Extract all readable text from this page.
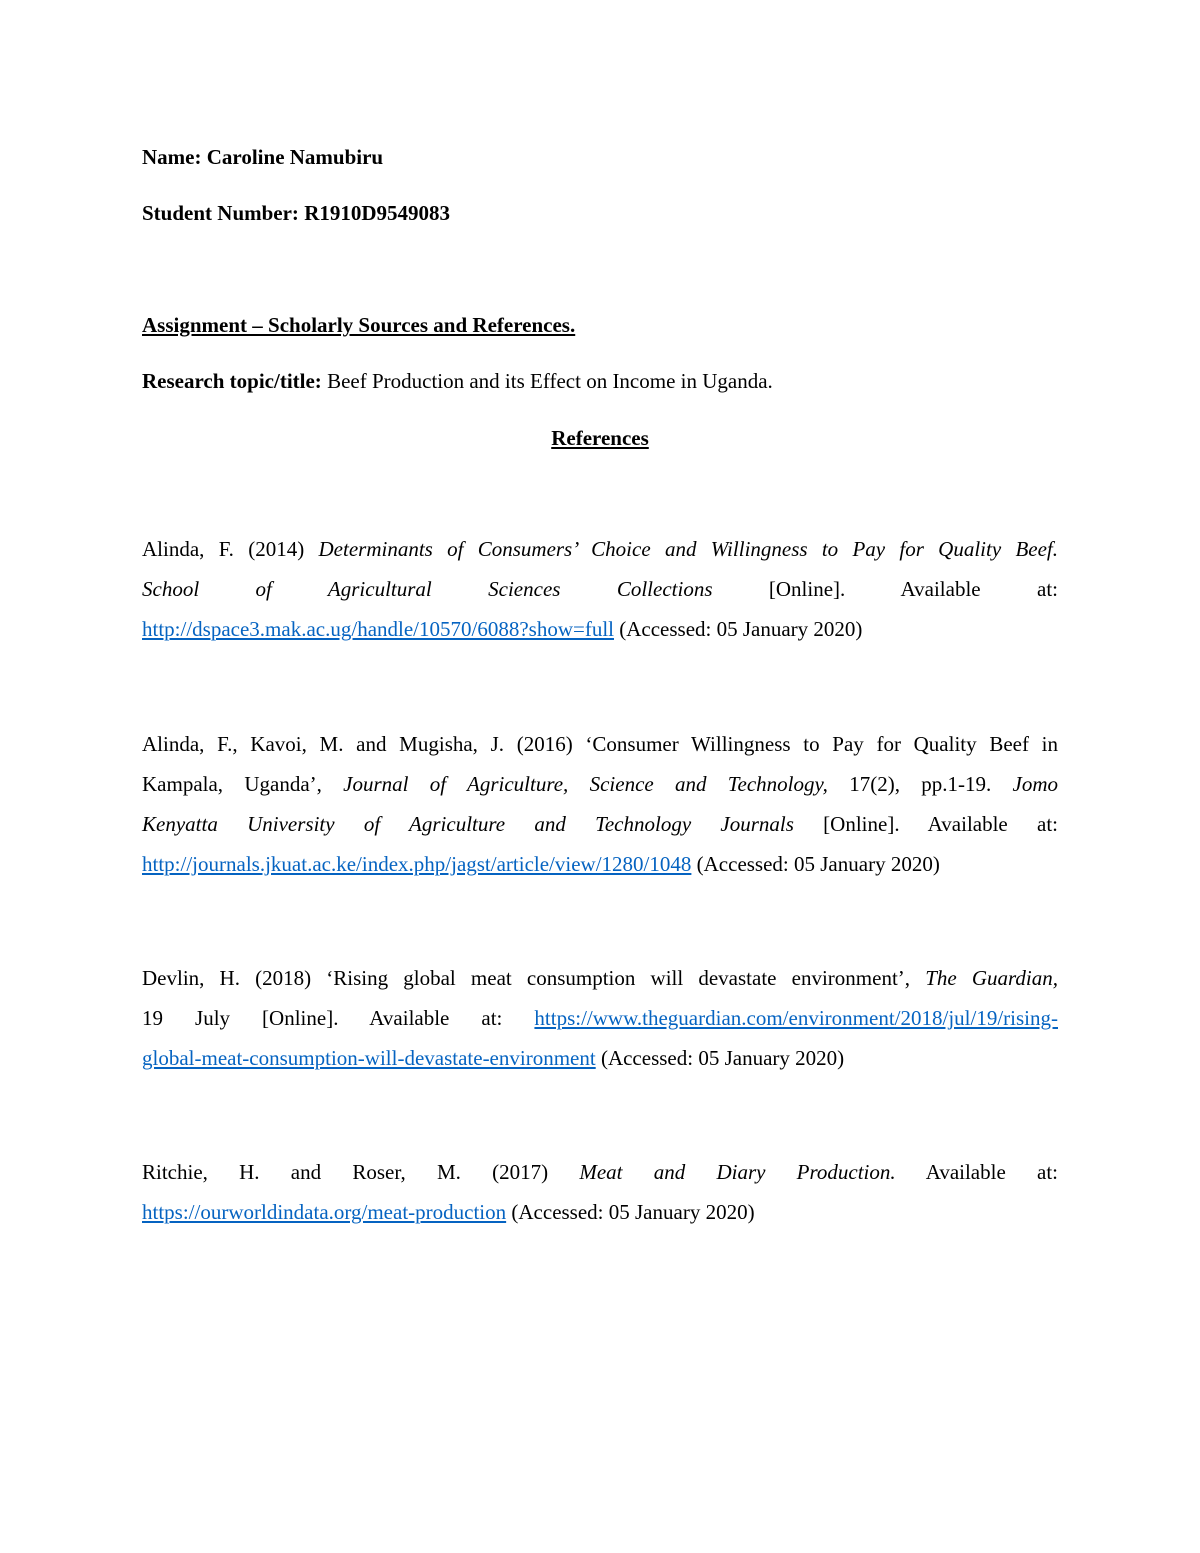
Name: Caroline Namubiru
Student Number: R1910D9549083
Assignment – Scholarly Sources and References.
Research topic/title: Beef Production and its Effect on Income in Uganda.
References
Alinda, F. (2014) Determinants of Consumers’ Choice and Willingness to Pay for Quality Beef.
School of Agricultural Sciences Collections [Online]. Available at:
http://dspace3.mak.ac.ug/handle/10570/6088?show=full (Accessed: 05 January 2020)
Alinda, F., Kavoi, M. and Mugisha, J. (2016) ‘Consumer Willingness to Pay for Quality Beef in
Kampala, Uganda’, Journal of Agriculture, Science and Technology, 17(2), pp.1-19. Jomo
Kenyatta University of Agriculture and Technology Journals [Online]. Available at:
http://journals.jkuat.ac.ke/index.php/jagst/article/view/1280/1048 (Accessed: 05 January 2020)
Devlin, H. (2018) ‘Rising global meat consumption will devastate environment’, The Guardian,
19 July [Online]. Available at: https://www.theguardian.com/environment/2018/jul/19/rising-
global-meat-consumption-will-devastate-environment (Accessed: 05 January 2020)
Ritchie, H. and Roser, M. (2017) Meat and Diary Production. Available at:
https://ourworldindata.org/meat-production (Accessed: 05 January 2020)
